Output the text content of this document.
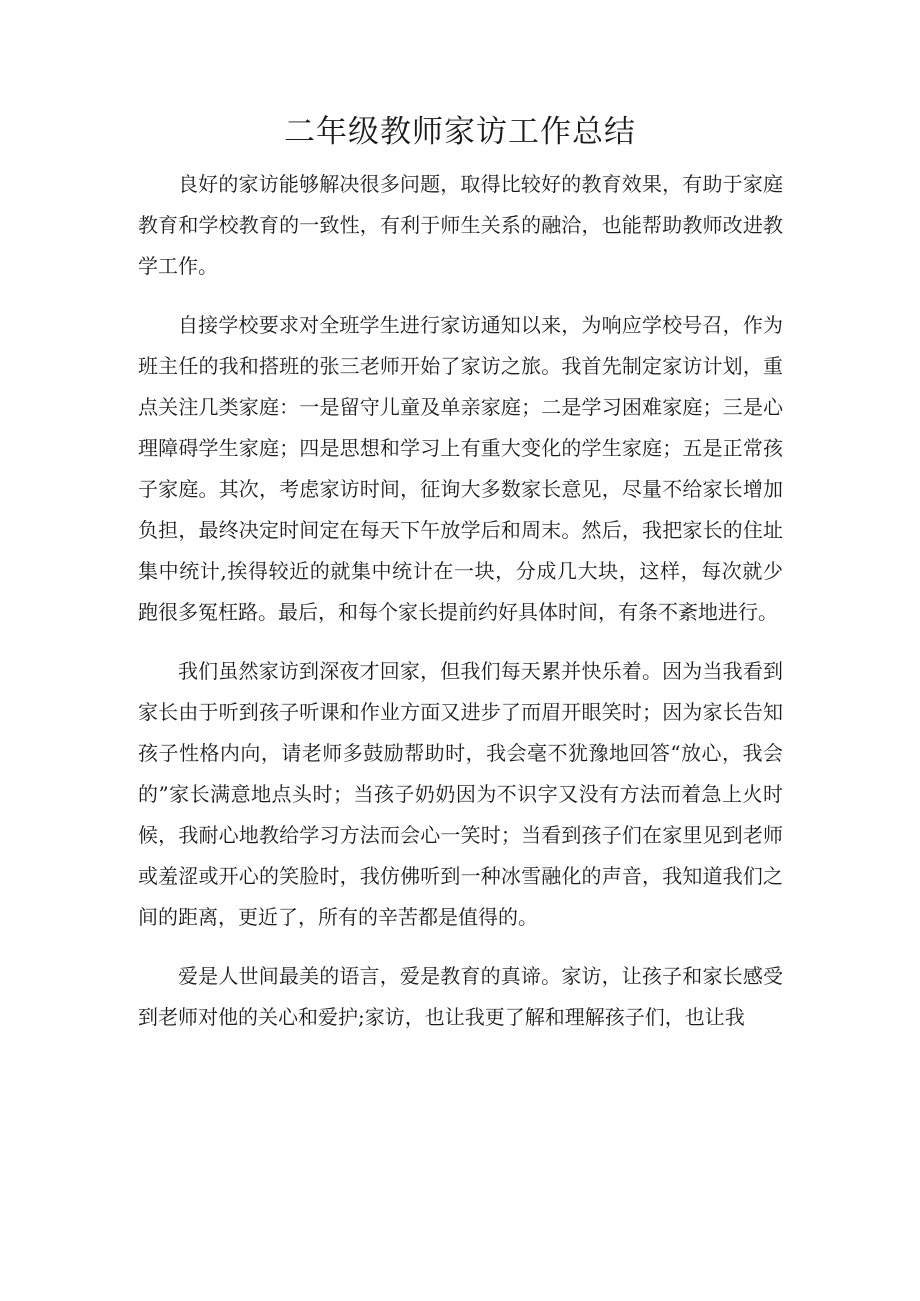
二年级教师家访工作总结

良好的家访能够解决很多问题，取得比较好的教育效果，有助于家庭教育和学校教育的一致性，有利于师生关系的融洽，也能帮助教师改进教学工作。

自接学校要求对全班学生进行家访通知以来，为响应学校号召，作为班主任的我和搭班的张三老师开始了家访之旅。我首先制定家访计划，重点关注几类家庭：一是留守儿童及单亲家庭；二是学习困难家庭；三是心理障碍学生家庭；四是思想和学习上有重大变化的学生家庭；五是正常孩子家庭。其次，考虑家访时间，征询大多数家长意见，尽量不给家长增加负担，最终决定时间定在每天下午放学后和周末。然后，我把家长的住址集中统计,挨得较近的就集中统计在一块，分成几大块，这样，每次就少跑很多冤枉路。最后，和每个家长提前约好具体时间，有条不紊地进行。

我们虽然家访到深夜才回家，但我们每天累并快乐着。因为当我看到家长由于听到孩子听课和作业方面又进步了而眉开眼笑时；因为家长告知孩子性格内向，请老师多鼓励帮助时，我会毫不犹豫地回答“放心，我会的”家长满意地点头时；当孩子奶奶因为不识字又没有方法而着急上火时候，我耐心地教给学习方法而会心一笑时；当看到孩子们在家里见到老师或羞涩或开心的笑脸时，我仿佛听到一种冰雪融化的声音，我知道我们之间的距离，更近了，所有的辛苦都是值得的。

爱是人世间最美的语言，爱是教育的真谛。家访，让孩子和家长感受到老师对他的关心和爱护;家访，也让我更了解和理解孩子们，也让我
